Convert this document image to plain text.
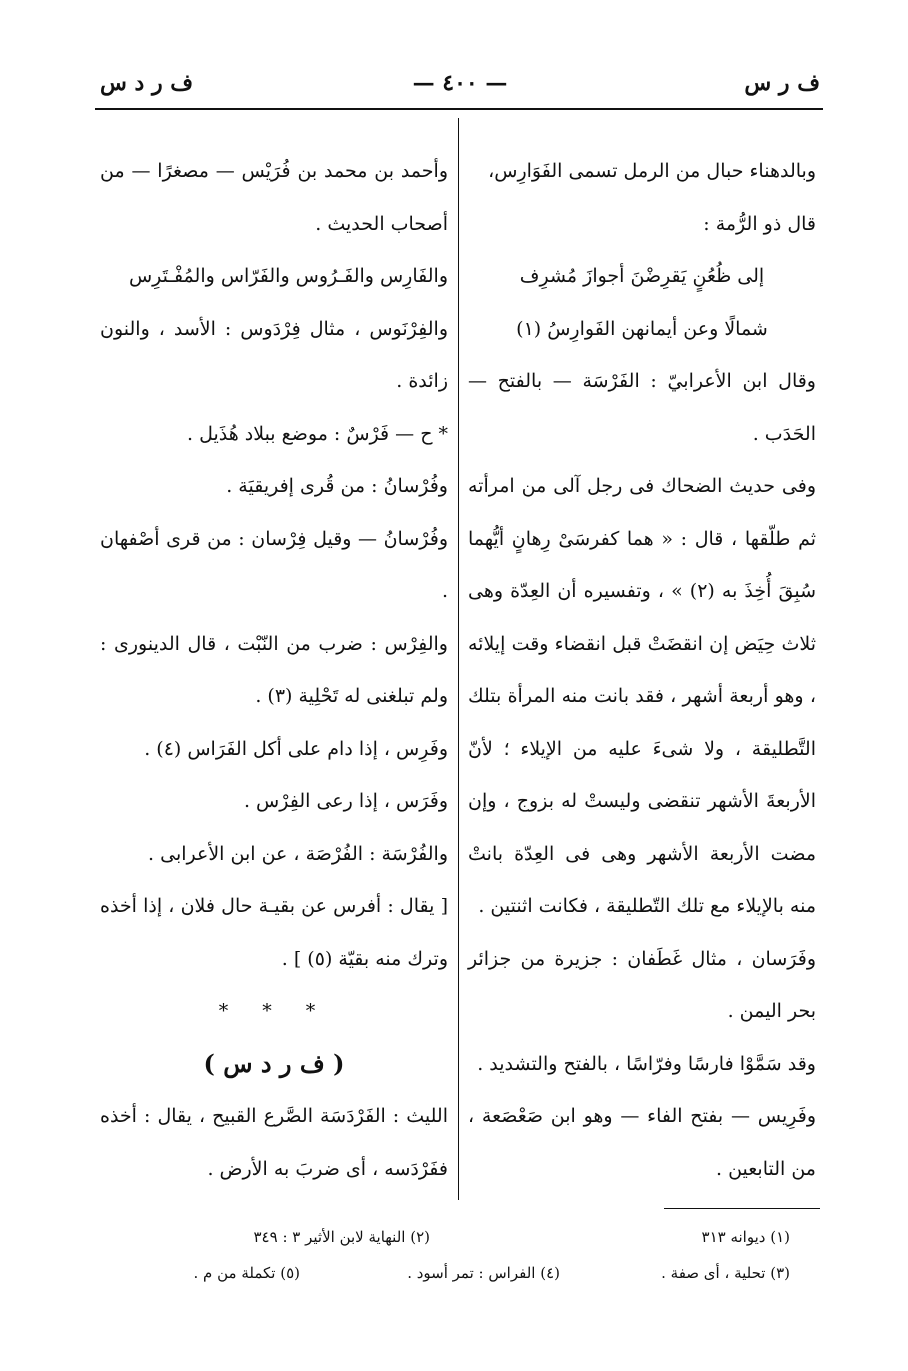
ف ر س
— ٤٠٠ —
ف ر د س

وبالدهناء حبال من الرمل تسمى الفَوَارِس،

قال ذو الرُّمة :

إلى ظُعُنٍ يَقرِضْنَ أجوازَ مُشرِف

شمالًا وعن أيمانهن الفَوارِسُ (١)

وقال ابن الأعرابيّ : الفَرْسَة — بالفتح — الحَدَب .

وفى حديث الضحاك فى رجل آلى من امرأته ثم طلّقها ، قال : « هما كفرسَىْ رِهانٍ أيُّهما سُبِقَ أُخِذَ به (٢) » ، وتفسيره أن العِدّة وهى ثلاث حِيَض إن انقضَتْ قبل انقضاء وقت إيلائه ، وهو أربعة أشهر ، فقد بانت منه المرأة بتلك التَّطليقة ، ولا شىءَ عليه من الإيلاء ؛ لأنّ الأربعةَ الأشهر تنقضى وليستْ له بزوج ، وإن مضت الأربعة الأشهر وهى فى العِدّة بانتْ منه بالإيلاء مع تلك التّطليقة ، فكانت اثنتين .

وفَرَسان ، مثال غَطَفان : جزيرة من جزائر بحر اليمن .

وقد سَمَّوْا فارسًا وفرّاسًا ، بالفتح والتشديد .

وفَرِيس — بفتح الفاء — وهو ابن صَعْصَعة ، من التابعين .

وأحمد بن محمد بن فُرَيْس — مصغرًا — من أصحاب الحديث .

والفَارِس والفَـرُوس والفَرّاس والمُفْـتَرِس

والفِرْنَوس ، مثال فِرْدَوس : الأسد ، والنون زائدة .

* ح — فَرْسٌ : موضع ببلاد هُذَيل .

وفُرْسانُ : من قُرى إفريقيَة .

وفُرْسانُ — وقيل فِرْسان : من قرى أصْفهان .

والفِرْس : ضرب من النّبْت ، قال الدينورى : ولم تبلغنى له تَحْلِية (٣) .

وفَرِس ، إذا دام على أكل الفَرَاس (٤) .

وفَرَس ، إذا رعى الفِرْس .

والفُرْسَة : الفُرْصَة ، عن ابن الأعرابى .

[ يقال : أفرس عن بقيـة حال فلان ، إذا أخذه وترك منه بقيّة (٥) ] .

* * *

( ف ر د س )

الليث : الفَرْدَسَة الصَّرع القبيح ، يقال : أخذه ففَرْدَسه ، أى ضربَ به الأرض .

(١) ديوانه ٣١٣
(٢) النهاية لابن الأثير ٣ : ٣٤٩
(٣) تحلية ، أى صفة .
(٤) الفراس : تمر أسود .
(٥) تكملة من م .
